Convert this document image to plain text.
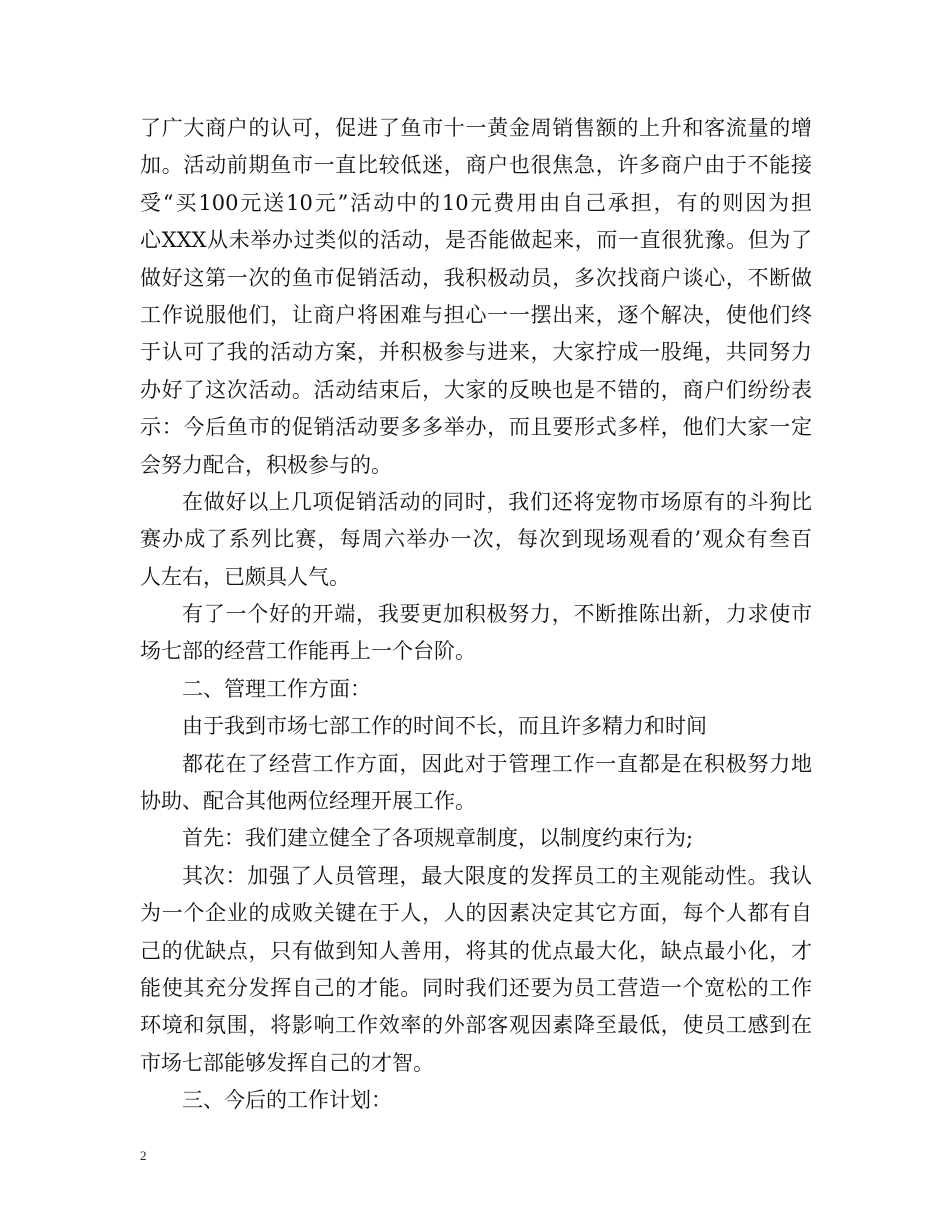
了广大商户的认可，促进了鱼市十一黄金周销售额的上升和客流量的增
加。活动前期鱼市一直比较低迷，商户也很焦急，许多商户由于不能接
受“买100元送10元”活动中的10元费用由自己承担，有的则因为担
心XXX从未举办过类似的活动，是否能做起来，而一直很犹豫。但为了
做好这第一次的鱼市促销活动，我积极动员，多次找商户谈心，不断做
工作说服他们，让商户将困难与担心一一摆出来，逐个解决，使他们终
于认可了我的活动方案，并积极参与进来，大家拧成一股绳，共同努力
办好了这次活动。活动结束后，大家的反映也是不错的，商户们纷纷表
示：今后鱼市的促销活动要多多举办，而且要形式多样，他们大家一定
会努力配合，积极参与的。
在做好以上几项促销活动的同时，我们还将宠物市场原有的斗狗比
赛办成了系列比赛，每周六举办一次，每次到现场观看的’观众有叁百
人左右，已颇具人气。
有了一个好的开端，我要更加积极努力，不断推陈出新，力求使市
场七部的经营工作能再上一个台阶。
二、管理工作方面：
由于我到市场七部工作的时间不长，而且许多精力和时间
都花在了经营工作方面，因此对于管理工作一直都是在积极努力地
协助、配合其他两位经理开展工作。
首先：我们建立健全了各项规章制度，以制度约束行为;
其次：加强了人员管理，最大限度的发挥员工的主观能动性。我认
为一个企业的成败关键在于人，人的因素决定其它方面，每个人都有自
己的优缺点，只有做到知人善用，将其的优点最大化，缺点最小化，才
能使其充分发挥自己的才能。同时我们还要为员工营造一个宽松的工作
环境和氛围，将影响工作效率的外部客观因素降至最低，使员工感到在
市场七部能够发挥自己的才智。
三、今后的工作计划：
2
